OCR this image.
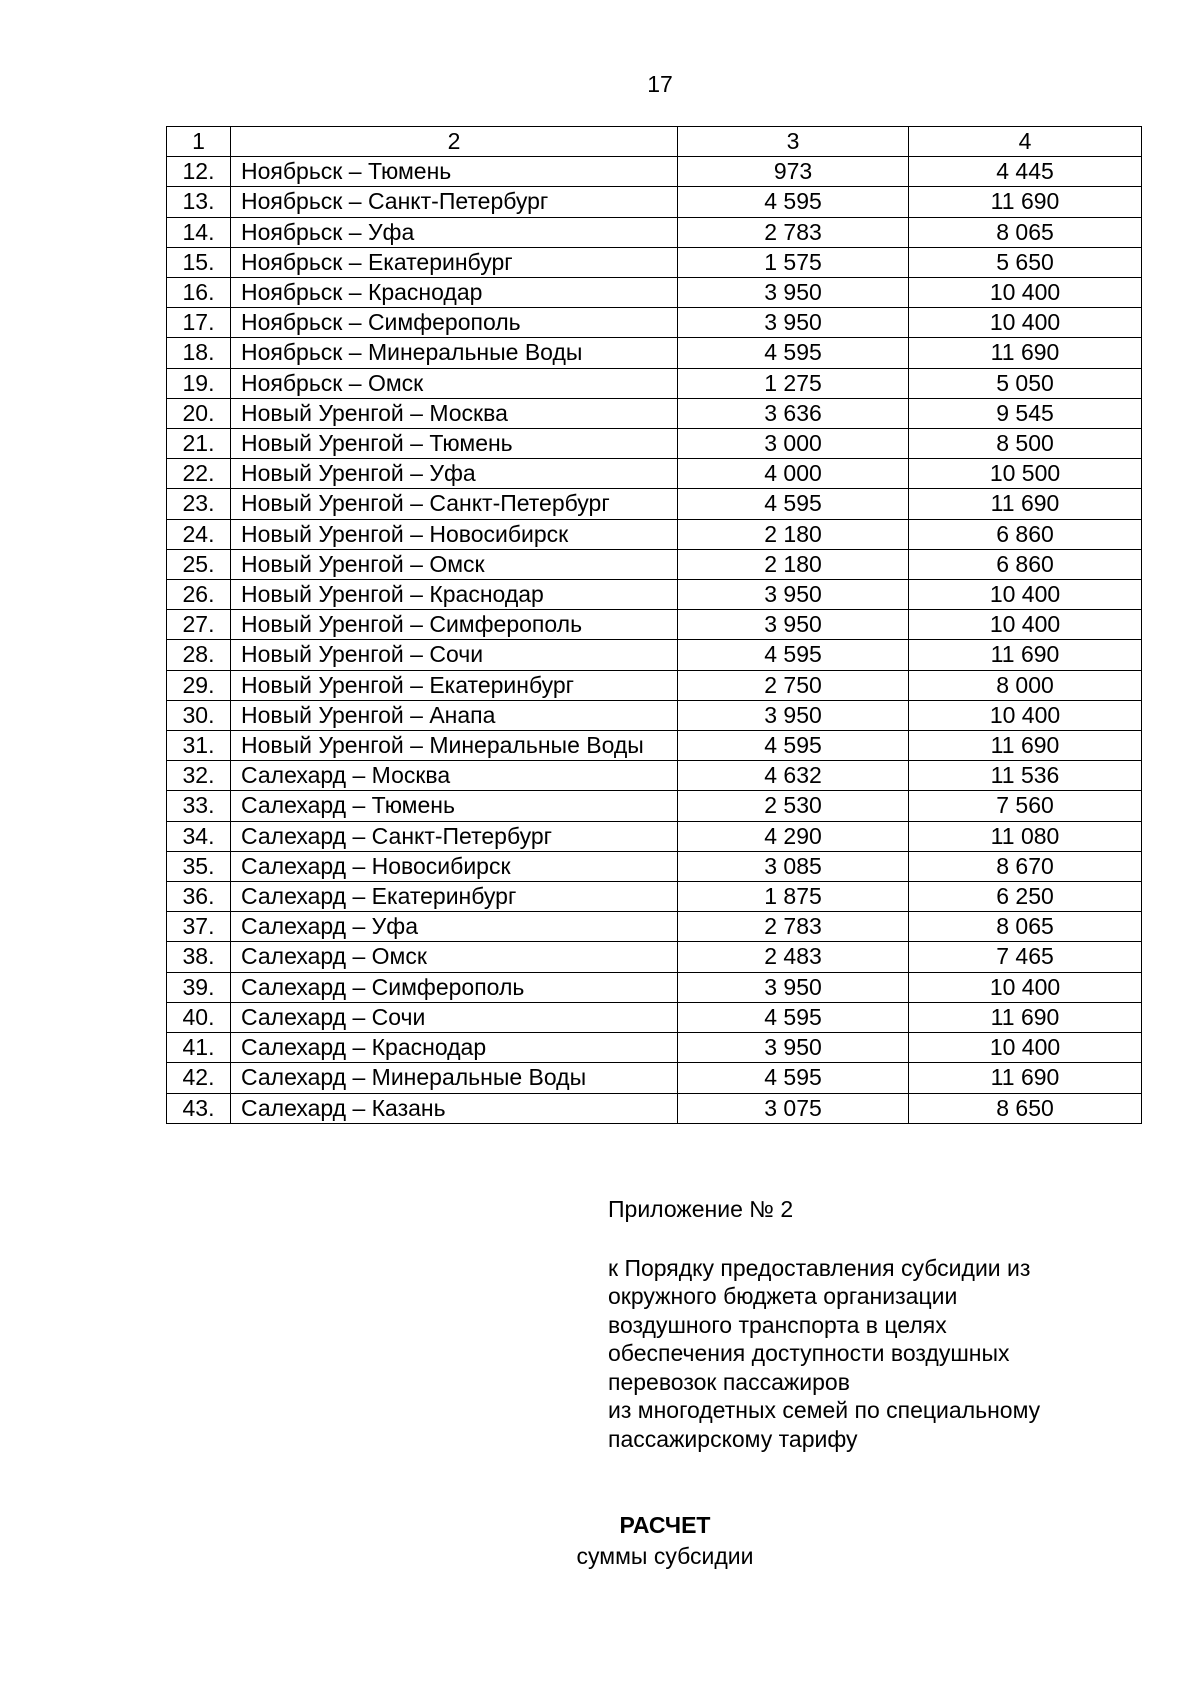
17
1	2	3	4
12.	Ноябрьск – Тюмень	973	4 445
13.	Ноябрьск – Санкт-Петербург	4 595	11 690
14.	Ноябрьск – Уфа	2 783	8 065
15.	Ноябрьск – Екатеринбург	1 575	5 650
16.	Ноябрьск – Краснодар	3 950	10 400
17.	Ноябрьск – Симферополь	3 950	10 400
18.	Ноябрьск – Минеральные Воды	4 595	11 690
19.	Ноябрьск – Омск	1 275	5 050
20.	Новый Уренгой – Москва	3 636	9 545
21.	Новый Уренгой – Тюмень	3 000	8 500
22.	Новый Уренгой – Уфа	4 000	10 500
23.	Новый Уренгой – Санкт-Петербург	4 595	11 690
24.	Новый Уренгой – Новосибирск	2 180	6 860
25.	Новый Уренгой – Омск	2 180	6 860
26.	Новый Уренгой – Краснодар	3 950	10 400
27.	Новый Уренгой – Симферополь	3 950	10 400
28.	Новый Уренгой – Сочи	4 595	11 690
29.	Новый Уренгой – Екатеринбург	2 750	8 000
30.	Новый Уренгой – Анапа	3 950	10 400
31.	Новый Уренгой – Минеральные Воды	4 595	11 690
32.	Салехард – Москва	4 632	11 536
33.	Салехард – Тюмень	2 530	7 560
34.	Салехард – Санкт-Петербург	4 290	11 080
35.	Салехард – Новосибирск	3 085	8 670
36.	Салехард – Екатеринбург	1 875	6 250
37.	Салехард – Уфа	2 783	8 065
38.	Салехард – Омск	2 483	7 465
39.	Салехард – Симферополь	3 950	10 400
40.	Салехард – Сочи	4 595	11 690
41.	Салехард – Краснодар	3 950	10 400
42.	Салехард – Минеральные Воды	4 595	11 690
43.	Салехард – Казань	3 075	8 650
Приложение № 2
к Порядку предоставления субсидии из
окружного бюджета организации
воздушного транспорта в целях
обеспечения доступности воздушных
перевозок пассажиров
из многодетных семей по специальному
пассажирскому тарифу
РАСЧЕТ
суммы субсидии
